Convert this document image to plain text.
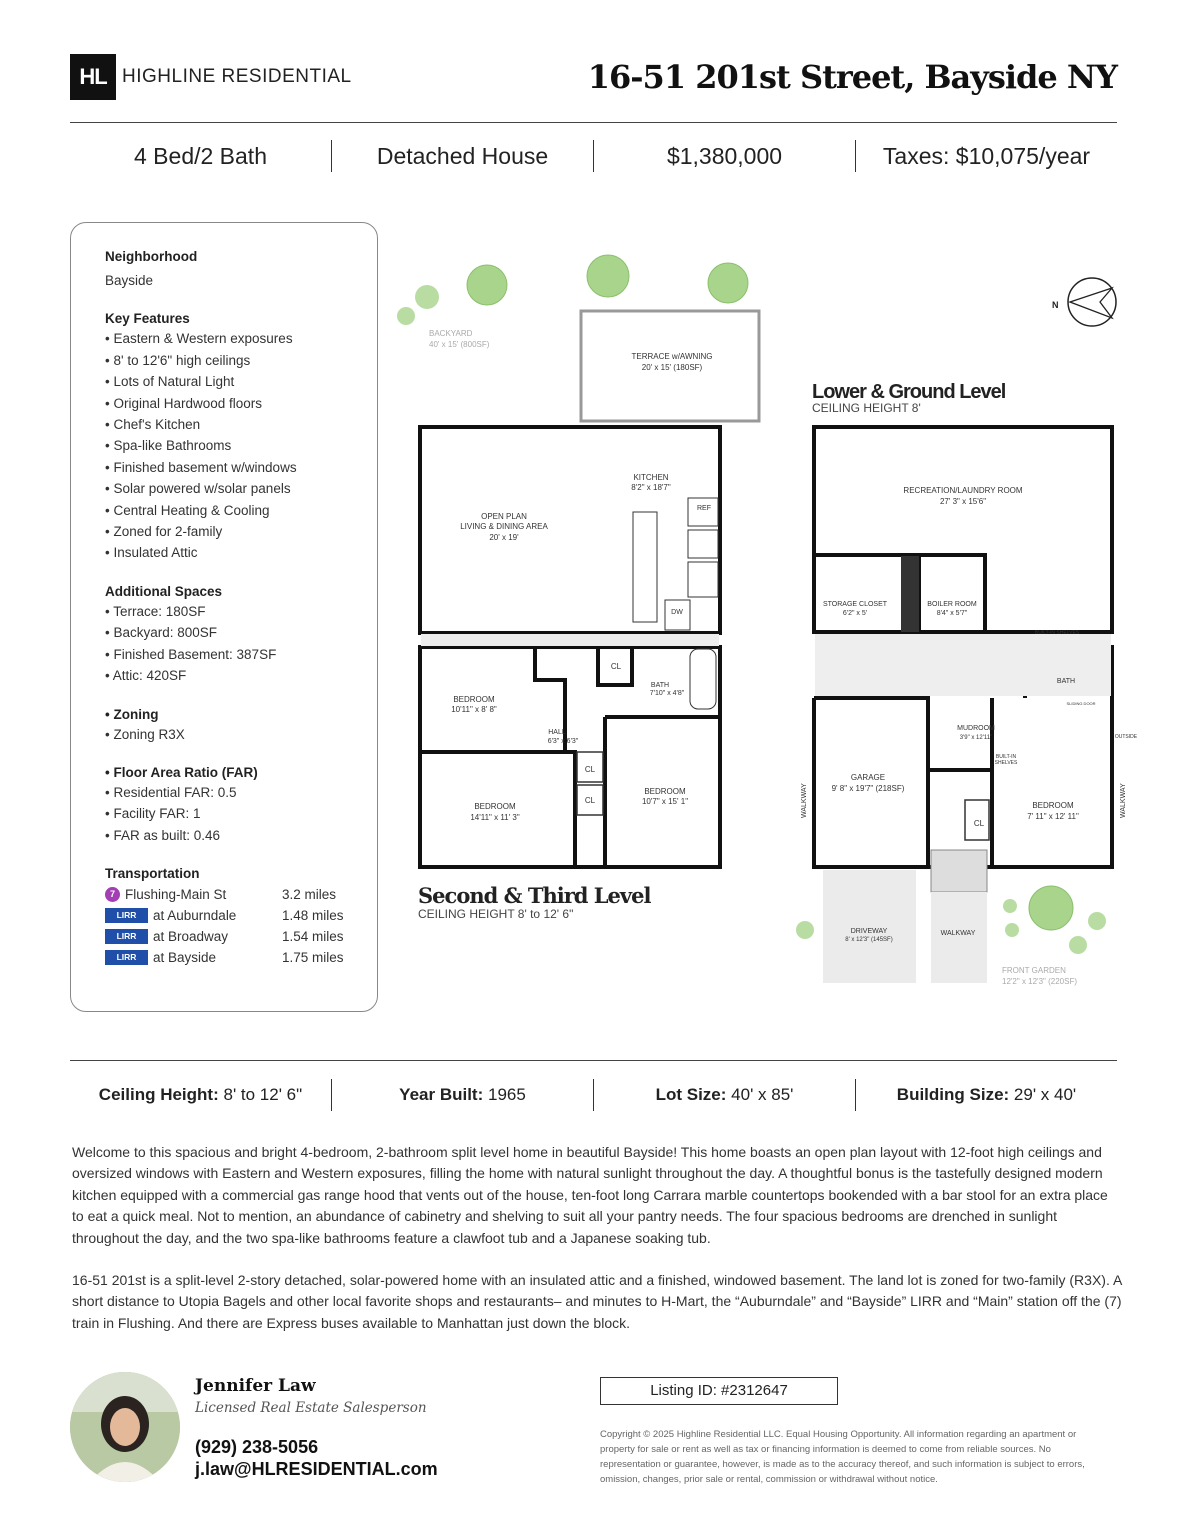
HL HIGHLINE RESIDENTIAL	16-51 201st Street, Bayside NY
4 Bed/2 Bath	Detached House	$1,380,000	Taxes: $10,075/year
Neighborhood

Bayside

Key Features
• Eastern & Western exposures
• 8' to 12'6" high ceilings
• Lots of Natural Light
• Original Hardwood floors
• Chef's Kitchen
• Spa-like Bathrooms
• Finished basement w/windows
• Solar powered w/solar panels
• Central Heating & Cooling
• Zoned for 2-family
• Insulated Attic
Additional Spaces
• Terrace: 180SF
• Backyard: 800SF
• Finished Basement: 387SF
• Attic: 420SF
• Zoning
• Zoning R3X
• Floor Area Ratio (FAR)
• Residential FAR: 0.5
• Facility FAR: 1
• FAR as built: 0.46
Transportation
7 Flushing-Main St	3.2 miles
LIRR	at Auburndale	1.48 miles
LIRR	at Broadway	1.54 miles
LIRR	at Bayside	1.75 miles
BACKYARD
40' x 15' (800SF)
N
TERRACE w/AWNING
20' x 15' (180SF)
KITCHEN
8'2" x 18'7"
OPEN PLAN
LIVING & DINING AREA
20' x 19'
REF
DW
CL
BATH
7'10" x 4'8"
BEDROOM
10'11" x 8' 8"
HALL
6'3" x 6'3"
CL
CL
BEDROOM
14'11" x 11' 3"
BEDROOM
10'7" x 15' 1"
Second & Third Level
CEILING HEIGHT 8' to 12' 6"
Lower & Ground Level
CEILING HEIGHT 8'
RECREATION/LAUNDRY ROOM
27' 3" x 15'6"
STORAGE CLOSET
6'2" x 5'
BOILER ROOM
8'4" x 5'7"
BUILT-IN SHELVES
BATH
SLIDING DOOR
GARAGE
9' 8" x 19'7" (218SF)
MUDROOM
3'9" x 12'11"
BUILT-IN
SHELVES
OUTSIDE
CL
BEDROOM
7' 11" x 12' 11"
DRIVEWAY
8' x 12'3" (145SF)
WALKWAY
WALKWAY	WALKWAY
FRONT GARDEN
12'2" x 12'3" (220SF)
Ceiling Height: 8' to 12' 6"	Year Built: 1965	Lot Size: 40' x 85'	Building Size: 29' x 40'

Welcome to this spacious and bright 4-bedroom, 2-bathroom split level home in beautiful Bayside! This home boasts an open plan layout with 12-foot high ceilings and oversized windows with Eastern and Western exposures, filling the home with natural sunlight throughout the day. A thoughtful bonus is the tastefully designed modern kitchen equipped with a commercial gas range hood that vents out of the house, ten-foot long Carrara marble countertops bookended with a bar stool for an extra place to eat a quick meal. Not to mention, an abundance of cabinetry and shelving to suit all your pantry needs. The four spacious bedrooms are drenched in sunlight throughout the day, and the two spa-like bathrooms feature a clawfoot tub and a Japanese soaking tub.

16-51 201st is a split-level 2-story detached, solar-powered home with an insulated attic and a finished, windowed basement. The land lot is zoned for two-family (R3X). A short distance to Utopia Bagels and other local favorite shops and restaurants– and minutes to H-Mart, the “Auburndale” and “Bayside” LIRR and “Main” station off the (7) train in Flushing. And there are Express buses available to Manhattan just down the block.

Jennifer Law
Licensed Real Estate Salesperson
(929) 238-5056
j.law@HLRESIDENTIAL.com
Listing ID: #2312647
Copyright © 2025 Highline Residential LLC. Equal Housing Opportunity. All information regarding an apartment or property for sale or rent as well as tax or financing information is deemed to come from reliable sources. No representation or guarantee, however, is made as to the accuracy thereof, and such information is subject to errors, omission, changes, prior sale or rental, commission or withdrawal without notice.
